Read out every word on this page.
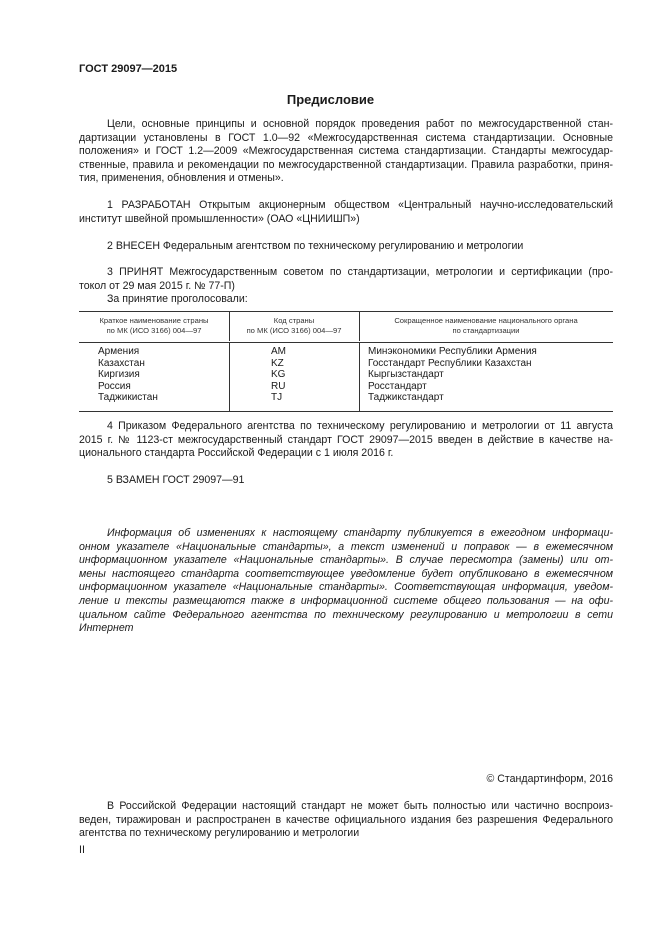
ГОСТ 29097—2015
Предисловие
Цели, основные принципы и основной порядок проведения работ по межгосударственной стан-
дартизации установлены в ГОСТ 1.0—92 «Межгосударственная система стандартизации. Основные
положения» и ГОСТ 1.2—2009 «Межгосударственная система стандартизации. Стандарты межгосудар-
ственные, правила и рекомендации по межгосударственной стандартизации. Правила разработки, приня-
тия, применения, обновления и отмены».
1 РАЗРАБОТАН Открытым акционерным обществом «Центральный научно-исследовательский
институт швейной промышленности» (ОАО «ЦНИИШП»)
2 ВНЕСЕН Федеральным агентством по техническому регулированию и метрологии
3 ПРИНЯТ Межгосударственным советом по стандартизации, метрологии и сертификации (про-
токол от 29 мая 2015 г. № 77-П)
За принятие проголосовали:
Краткое наименование страны
по МК (ИСО 3166) 004—97
Код страны
по МК (ИСО 3166) 004—97
Сокращенное наименование национального органа
по стандартизации
Армения
Казахстан
Киргизия
Россия
Таджикистан
AM
KZ
KG
RU
TJ
Минэкономики Республики Армения
Госстандарт Республики Казахстан
Кыргызстандарт
Росстандарт
Таджикстандарт
4 Приказом Федерального агентства по техническому регулированию и метрологии от 11 августа
2015 г. № 1123-ст межгосударственный стандарт ГОСТ 29097—2015 введен в действие в качестве на-
ционального стандарта Российской Федерации с 1 июля 2016 г.
5 ВЗАМЕН ГОСТ 29097—91
Информация об изменениях к настоящему стандарту публикуется в ежегодном информаци-
онном указателе «Национальные стандарты», а текст изменений и поправок — в ежемесячном
информационном указателе «Национальные стандарты». В случае пересмотра (замены) или от-
мены настоящего стандарта соответствующее уведомление будет опубликовано в ежемесячном
информационном указателе «Национальные стандарты». Соответствующая информация, уведом-
ление и тексты размещаются также в информационной системе общего пользования — на офи-
циальном сайте Федерального агентства по техническому регулированию и метрологии в сети
Интернет
© Стандартинформ, 2016
В Российской Федерации настоящий стандарт не может быть полностью или частично воспроиз-
веден, тиражирован и распространен в качестве официального издания без разрешения Федерального
агентства по техническому регулированию и метрологии
II
